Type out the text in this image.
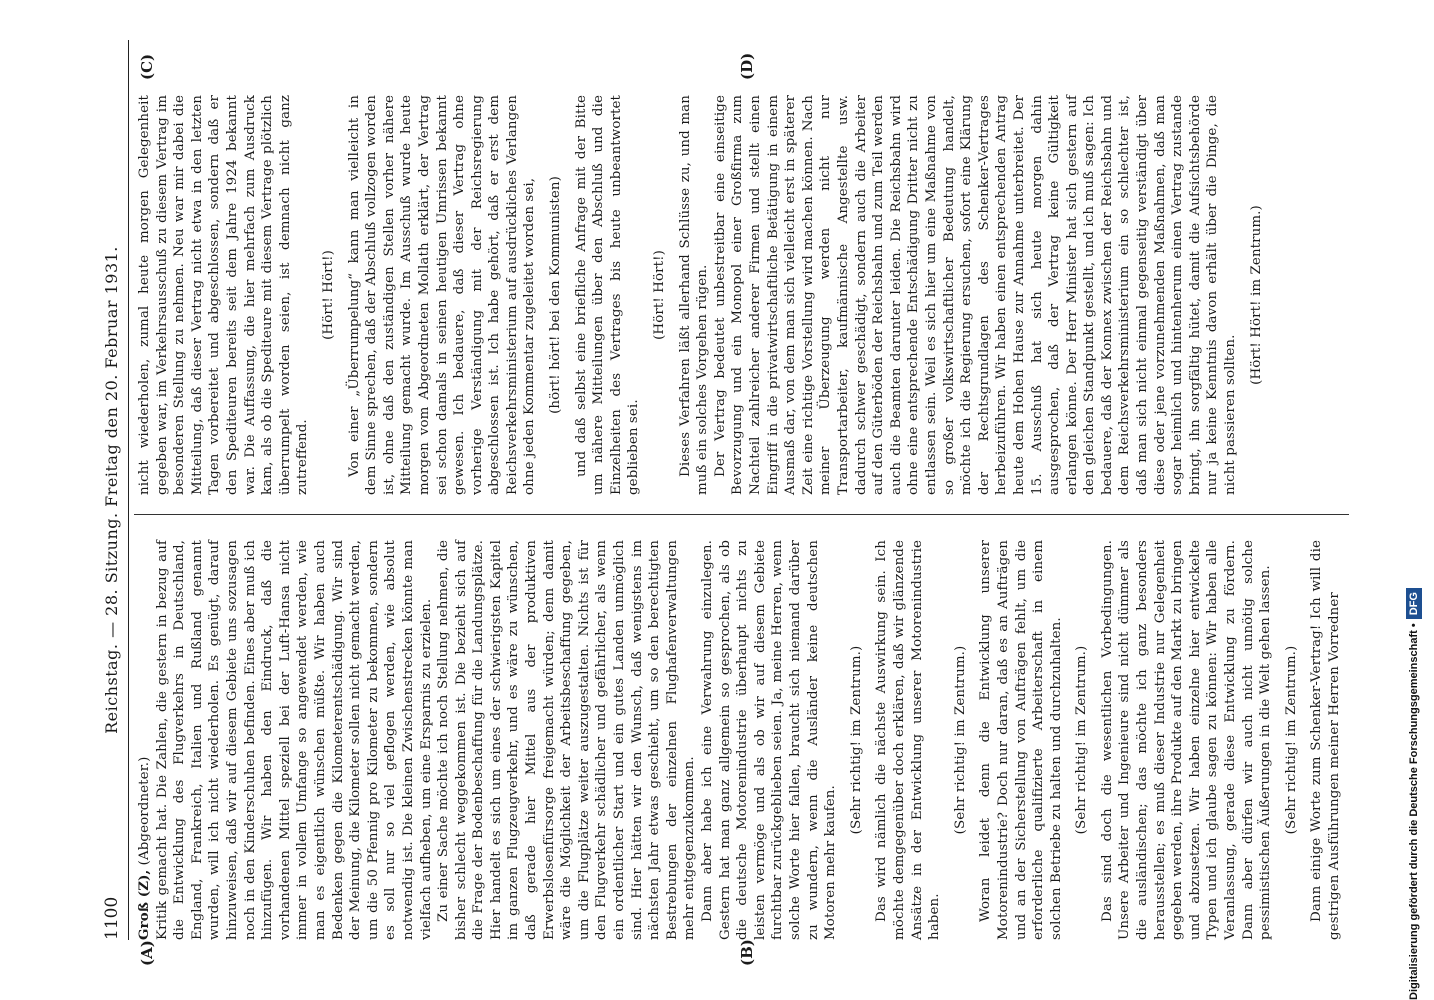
1100
Reichstag. — 28. Sitzung. Freitag den 20. Februar 1931.
(A)	(B)
(C)	(D)

Groß (Z), (Abgeordneter.) Kritik gemacht hat. Die Zahlen, die gestern in bezug auf die Entwicklung des Flugverkehrs in Deutschland, England, Frankreich, Italien und Rußland genannt wurden, will ich nicht wiederholen. Es genügt, darauf hinzuweisen, daß wir auf diesem Gebiete uns sozusagen noch in den Kinderschuhen befinden. Eines aber muß ich hinzufügen. Wir haben den Eindruck, daß die vorhandenen Mittel speziell bei der Luft-Hansa nicht immer in vollem Umfange so angewendet werden, wie man es eigentlich wünschen müßte. Wir haben auch Bedenken gegen die Kilometerentschädigung. Wir sind der Meinung, die Kilometer sollen nicht gemacht werden, um die 50 Pfennig pro Kilometer zu bekommen, sondern es soll nur so viel geflogen werden, wie absolut notwendig ist. Die kleinen Zwischenstrecken könnte man vielfach aufheben, um eine Ersparnis zu erzielen. Zu einer Sache möchte ich noch Stellung nehmen, die bisher schlecht weggekommen ist. Die bezieht sich auf die Frage der Bodenbeschaffung für die Landungsplätze. Hier handelt es sich um eines der schwierigsten Kapitel im ganzen Flugzeugverkehr, und es wäre zu wünschen, daß gerade hier Mittel aus der produktiven Erwerbslosenfürsorge freigemacht würden; denn damit wäre die Möglichkeit der Arbeitsbeschaffung gegeben, um die Flugplätze weiter auszugestalten. Nichts ist für den Flugverkehr schädlicher und gefährlicher, als wenn ein ordentlicher Start und ein gutes Landen unmöglich sind. Hier hätten wir den Wunsch, daß wenigstens im nächsten Jahr etwas geschieht, um so den berechtigten Bestrebungen der einzelnen Flughafenverwaltungen mehr entgegenzukommen. Dann aber habe ich eine Verwahrung einzulegen. Gestern hat man ganz allgemein so gesprochen, als ob die deutsche Motorenindustrie überhaupt nichts zu leisten vermöge und als ob wir auf diesem Gebiete furchtbar zurückgeblieben seien. Ja, meine Herren, wenn solche Worte hier fallen, braucht sich niemand darüber zu wundern, wenn die Ausländer keine deutschen Motoren mehr kaufen.

(Sehr richtig! im Zentrum.) Das wird nämlich die nächste Auswirkung sein. Ich möchte demgegenüber doch erklären, daß wir glänzende Ansätze in der Entwicklung unserer Motorenindustrie haben.

(Sehr richtig! im Zentrum.) Woran leidet denn die Entwicklung unserer Motorenindustrie? Doch nur daran, daß es an Aufträgen und an der Sicherstellung von Aufträgen fehlt, um die erforderliche qualifizierte Arbeiterschaft in einem solchen Betriebe zu halten und durchzuhalten. (Sehr richtig! im Zentrum.) Das sind doch die wesentlichen Vorbedingungen. Unsere Arbeiter und Ingenieure sind nicht dümmer als die ausländischen; das möchte ich ganz besonders herausstellen; es muß dieser Industrie nur Gelegenheit gegeben werden, ihre Produkte auf den Markt zu bringen und abzusetzen. Wir haben einzelne hier entwickelte Typen und ich glaube sagen zu können: Wir haben alle Veranlassung, gerade diese Entwicklung zu fördern. Dann aber dürfen wir auch nicht unnötig solche pessimistischen Äußerungen in die Welt gehen lassen. (Sehr richtig! im Zentrum.) Dann einige Worte zum Schenker-Vertrag! Ich will die gestrigen Ausführungen meiner Herren Vorredner

nicht wiederholen, zumal heute morgen Gelegenheit gegeben war, im Verkehrsausschuß zu diesem Vertrag im besonderen Stellung zu nehmen. Neu war mir dabei die Mitteilung, daß dieser Vertrag nicht etwa in den letzten Tagen vorbereitet und abgeschlossen, sondern daß er den Spediteuren bereits seit dem Jahre 1924 bekannt war. Die Auffassung, die hier mehrfach zum Ausdruck kam, als ob die Spediteure mit diesem Vertrage plötzlich überrumpelt worden seien, ist demnach nicht ganz zutreffend.

(Hört! Hört!) Von einer „Überrumpelung“ kann man vielleicht in dem Sinne sprechen, daß der Abschluß vollzogen worden ist, ohne daß den zuständigen Stellen vorher nähere Mitteilung gemacht wurde. Im Ausschuß wurde heute morgen vom Abgeordneten Mollath erklärt, der Vertrag sei schon damals in seinen heutigen Umrissen bekannt gewesen. Ich bedauere, daß dieser Vertrag ohne vorherige Verständigung mit der Reichsregierung abgeschlossen ist. Ich habe gehört, daß er erst dem Reichsverkehrsministerium auf ausdrückliches Verlangen ohne jeden Kommentar zugeleitet worden sei, (hört! hört! bei den Kommunisten) und daß selbst eine briefliche Anfrage mit der Bitte um nähere Mitteilungen über den Abschluß und die Einzelheiten des Vertrages bis heute unbeantwortet geblieben sei.

(Hört! Hört!) Dieses Verfahren läßt allerhand Schlüsse zu, und man muß ein solches Vorgehen rügen. Der Vertrag bedeutet unbestreitbar eine einseitige Bevorzugung und ein Monopol einer Großfirma zum Nachteil zahlreicher anderer Firmen und stellt einen Eingriff in die privatwirtschaftliche Betätigung in einem Ausmaß dar, von dem man sich vielleicht erst in späterer Zeit eine richtige Vorstellung wird machen können. Nach meiner Überzeugung werden nicht nur Transportarbeiter, kaufmännische Angestellte usw. dadurch schwer geschädigt, sondern auch die Arbeiter auf den Güterböden der Reichsbahn und zum Teil werden auch die Beamten darunter leiden. Die Reichsbahn wird ohne eine entsprechende Entschädigung Dritter nicht zu entlassen sein. Weil es sich hier um eine Maßnahme von so großer volkswirtschaftlicher Bedeutung handelt, möchte ich die Regierung ersuchen, sofort eine Klärung der Rechtsgrundlagen des Schenker-Vertrages herbeizuführen. Wir haben einen entsprechenden Antrag heute dem Hohen Hause zur Annahme unterbreitet. Der 15. Ausschuß hat sich heute morgen dahin ausgesprochen, daß der Vertrag keine Gültigkeit erlangen könne. Der Herr Minister hat sich gestern auf den gleichen Standpunkt gestellt, und ich muß sagen: Ich bedauere, daß der Konnex zwischen der Reichsbahn und dem Reichsverkehrsministerium ein so schlechter ist, daß man sich nicht einmal gegenseitig verständigt über diese oder jene vorzunehmenden Maßnahmen, daß man sogar heimlich und hintenherum einen Vertrag zustande bringt, ihn sorgfältig hütet, damit die Aufsichtsbehörde nur ja keine Kenntnis davon erhält über die Dinge, die nicht passieren sollten.

(Hört! Hört! im Zentrum.)

Digitalisierung gefördert durch die Deutsche Forschungsgemeinschaft •DFG
